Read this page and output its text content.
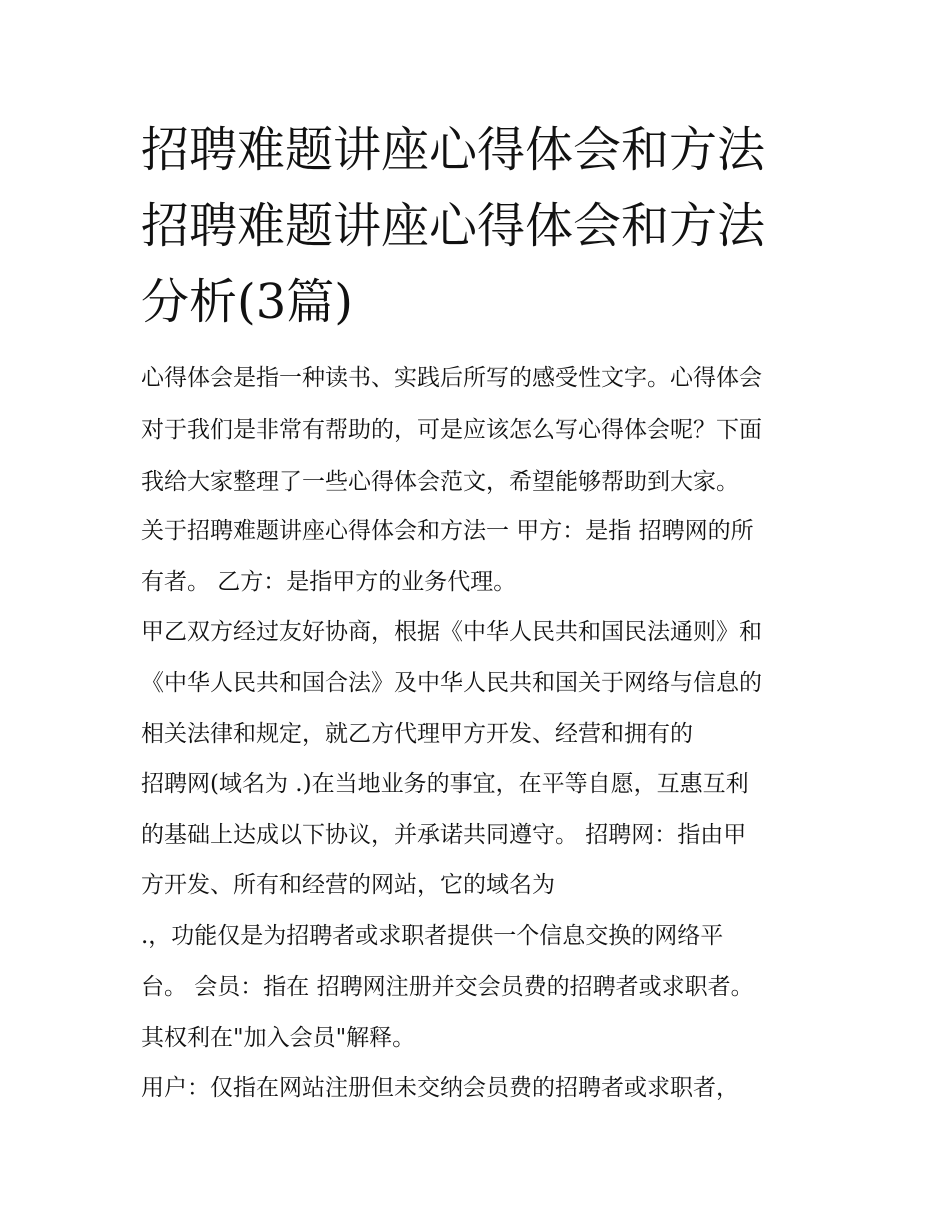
招聘难题讲座心得体会和方法
招聘难题讲座心得体会和方法
分析(3篇)
心得体会是指一种读书、实践后所写的感受性文字。心得体会
对于我们是非常有帮助的，可是应该怎么写心得体会呢？下面
我给大家整理了一些心得体会范文，希望能够帮助到大家。
关于招聘难题讲座心得体会和方法一 甲方：是指 招聘网的所
有者。 乙方：是指甲方的业务代理。
甲乙双方经过友好协商，根据《中华人民共和国民法通则》和
《中华人民共和国合法》及中华人民共和国关于网络与信息的
相关法律和规定，就乙方代理甲方开发、经营和拥有的
招聘网(域名为 .)在当地业务的事宜，在平等自愿，互惠互利
的基础上达成以下协议，并承诺共同遵守。 招聘网：指由甲
方开发、所有和经营的网站，它的域名为
.，功能仅是为招聘者或求职者提供一个信息交换的网络平
台。 会员：指在 招聘网注册并交会员费的招聘者或求职者。
其权利在"加入会员"解释。
用户：仅指在网站注册但未交纳会员费的招聘者或求职者，
